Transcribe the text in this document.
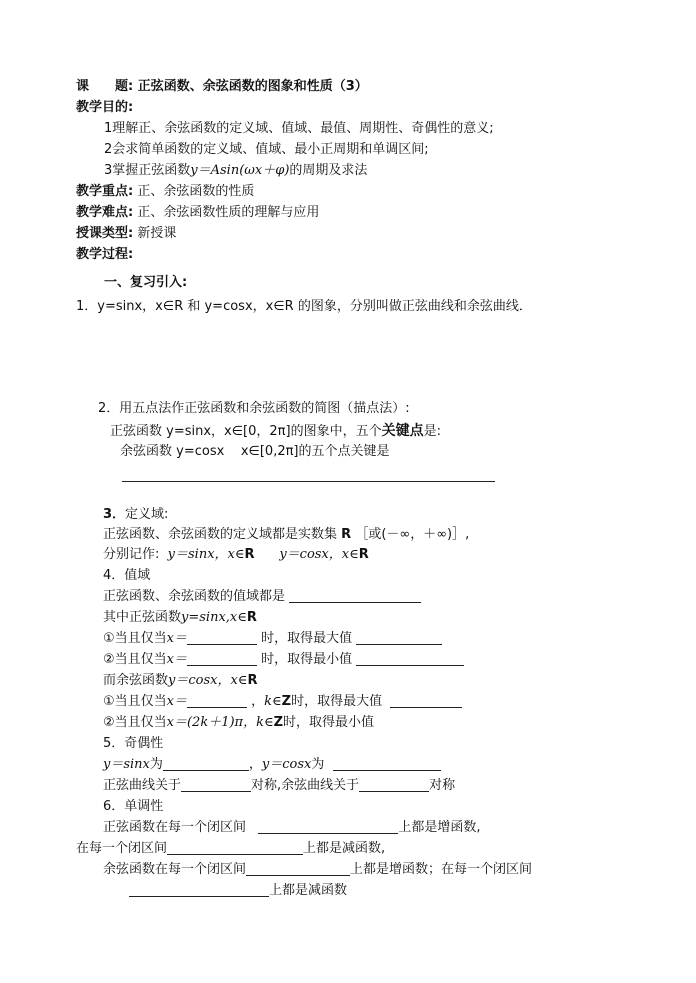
课　　题: 正弦函数、余弦函数的图象和性质（3）
教学目的:
1理解正、余弦函数的定义域、值域、最值、周期性、奇偶性的意义;
2会求简单函数的定义域、值域、最小正周期和单调区间;
3掌握正弦函数y＝Asin(ωx＋φ)的周期及求法
教学重点: 正、余弦函数的性质
教学难点: 正、余弦函数性质的理解与应用
授课类型: 新授课
教学过程:
一、复习引入:
1．y=sinx，x∈R 和 y=cosx，x∈R 的图象，分别叫做正弦曲线和余弦曲线．
2．用五点法作正弦函数和余弦函数的简图（描点法）:
正弦函数 y=sinx，x∈[0，2π]的图象中，五个关键点是:
余弦函数 y=cosx x∈[0,2π]的五个点关键是
3．定义域:
正弦函数、余弦函数的定义域都是实数集 R ［或(－∞，＋∞)］,
分别记作: y＝sinx，x∈R y＝cosx，x∈R
4．值域
正弦函数、余弦函数的值域都是
其中正弦函数y=sinx,x∈R
①当且仅当x＝	时，取得最大值
②当且仅当x＝	时，取得最小值
而余弦函数y＝cosx，x∈R
①当且仅当x＝	，k∈Z时，取得最大值
②当且仅当x＝(2k＋1)π，k∈Z时，取得最小值
5．奇偶性
y＝sinx为	，y＝cosx为
正弦曲线关于	对称,余弦曲线关于	对称
6．单调性
正弦函数在每一个闭区间	上都是增函数,
在每一个闭区间	上都是减函数,
余弦函数在每一个闭区间	上都是增函数；在每一个闭区间
上都是减函数
